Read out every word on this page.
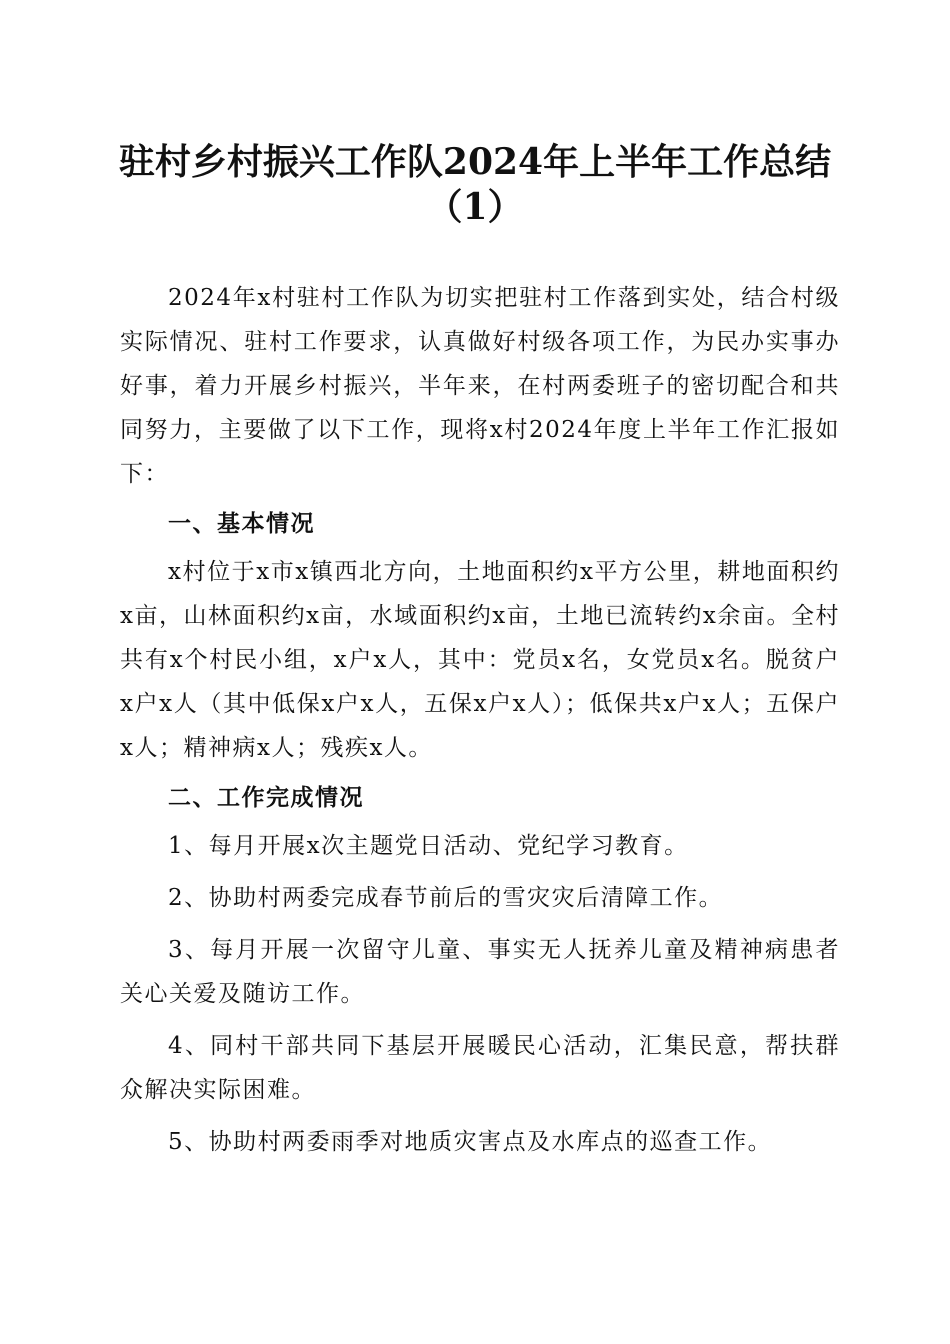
驻村乡村振兴工作队2024年上半年工作总结
（1）

2024年x村驻村工作队为切实把驻村工作落到实处，结合村级实际情况、驻村工作要求，认真做好村级各项工作，为民办实事办好事，着力开展乡村振兴，半年来，在村两委班子的密切配合和共同努力，主要做了以下工作，现将x村2024年度上半年工作汇报如下：

一、基本情况

x村位于x市x镇西北方向，土地面积约x平方公里，耕地面积约x亩，山林面积约x亩，水域面积约x亩，土地已流转约x余亩。全村共有x个村民小组，x户x人，其中：党员x名，女党员x名。脱贫户x户x人（其中低保x户x人，五保x户x人）；低保共x户x人；五保户x人；精神病x人；残疾x人。

二、工作完成情况

1、每月开展x次主题党日活动、党纪学习教育。

2、协助村两委完成春节前后的雪灾灾后清障工作。

3、每月开展一次留守儿童、事实无人抚养儿童及精神病患者关心关爱及随访工作。

4、同村干部共同下基层开展暖民心活动，汇集民意，帮扶群众解决实际困难。

5、协助村两委雨季对地质灾害点及水库点的巡查工作。
